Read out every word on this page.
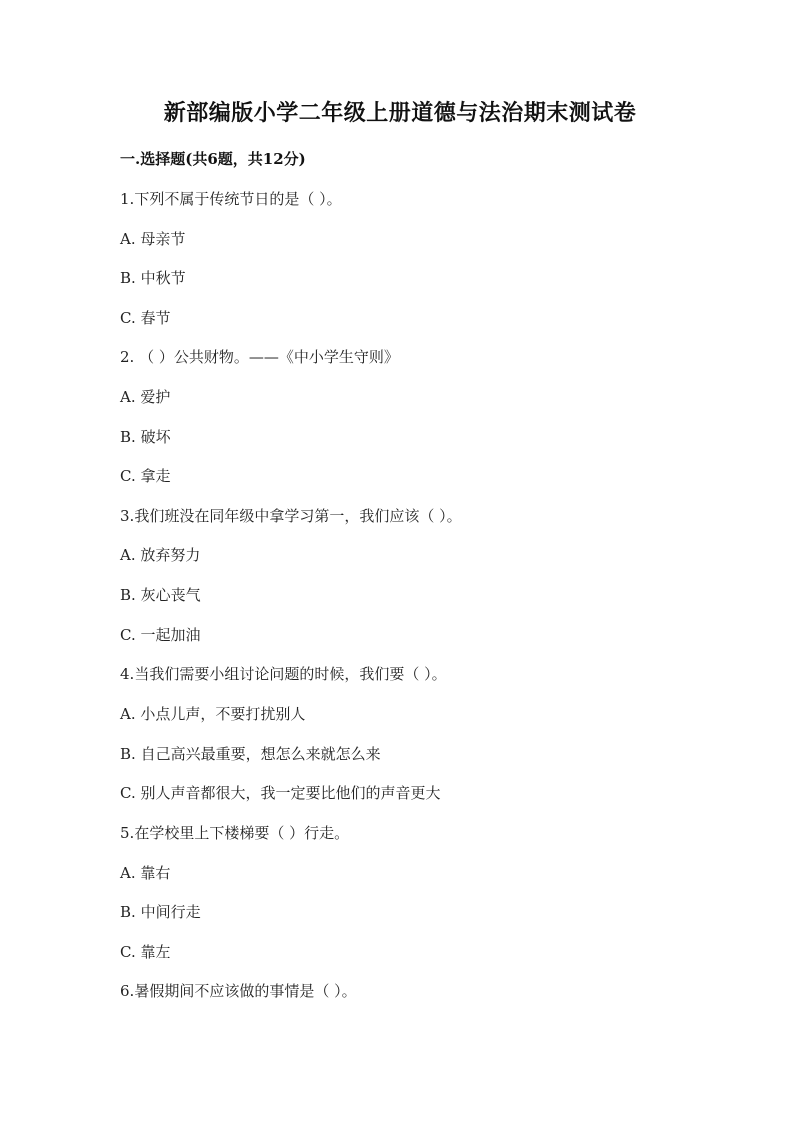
新部编版小学二年级上册道德与法治期末测试卷
一.选择题(共6题，共12分)
1.下列不属于传统节日的是（ ）。
A. 母亲节
B. 中秋节
C. 春节
2. （ ）公共财物。——《中小学生守则》
A. 爱护
B. 破坏
C. 拿走
3.我们班没在同年级中拿学习第一，我们应该（ ）。
A. 放弃努力
B. 灰心丧气
C. 一起加油
4.当我们需要小组讨论问题的时候，我们要（ ）。
A. 小点儿声，不要打扰别人
B. 自己高兴最重要，想怎么来就怎么来
C. 别人声音都很大，我一定要比他们的声音更大
5.在学校里上下楼梯要（ ）行走。
A. 靠右
B. 中间行走
C. 靠左
6.暑假期间不应该做的事情是（ ）。
